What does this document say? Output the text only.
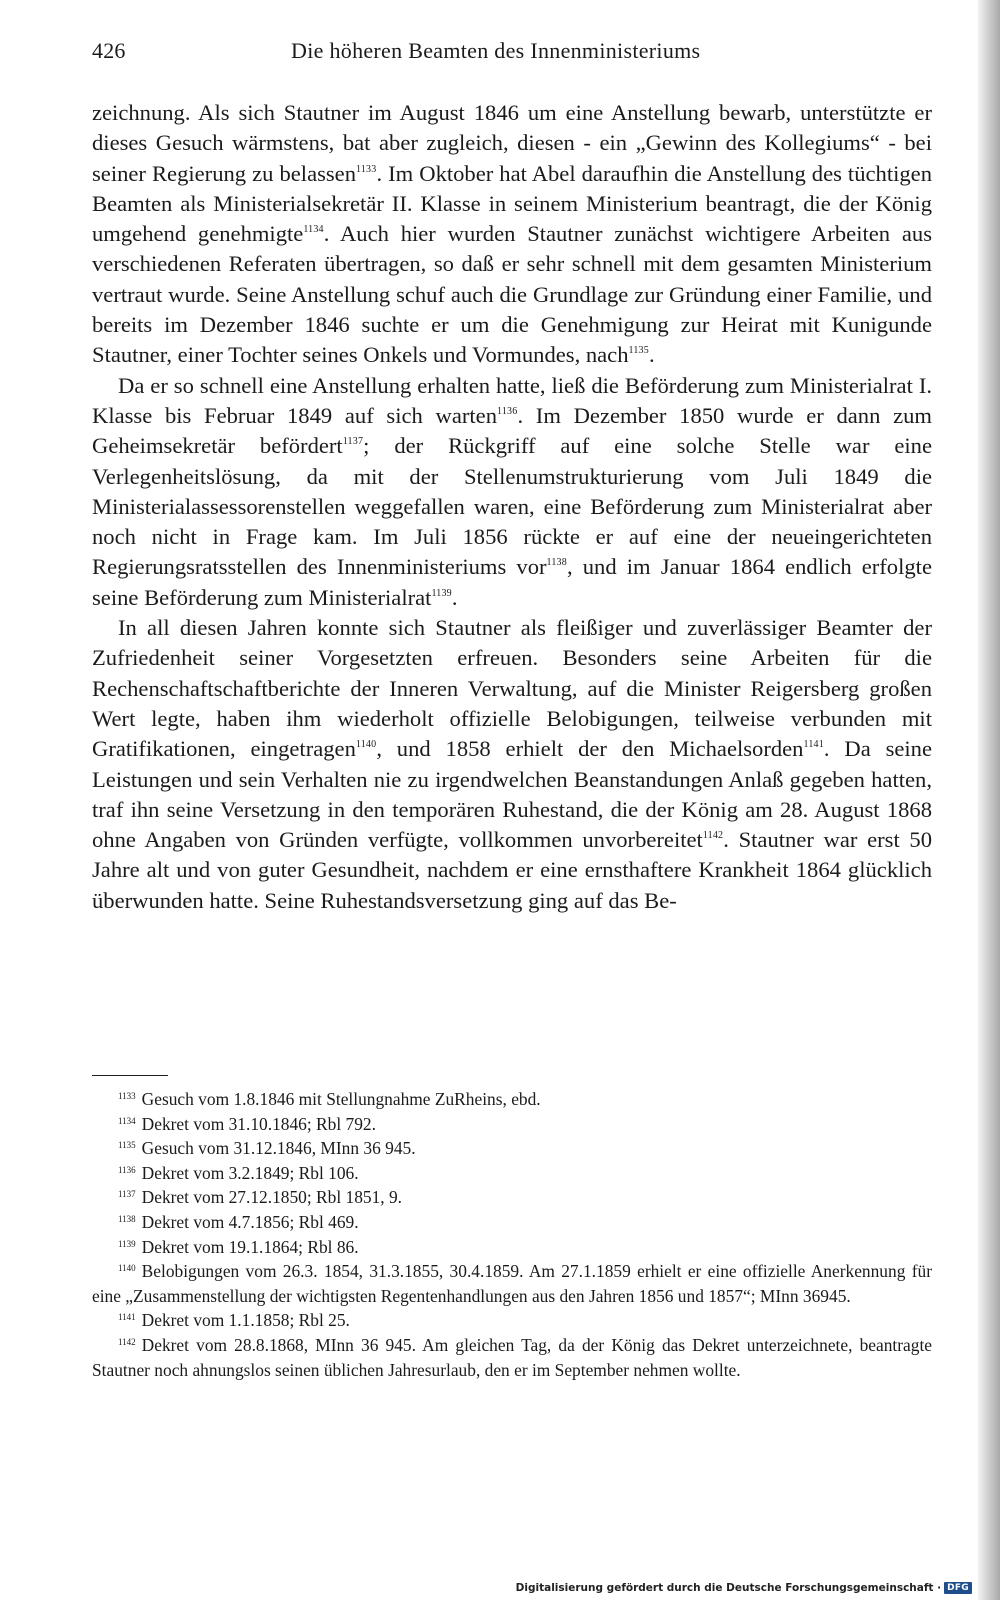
426	Die höheren Beamten des Innenministeriums

zeichnung. Als sich Stautner im August 1846 um eine Anstellung bewarb, unterstützte er dieses Gesuch wärmstens, bat aber zugleich, diesen - ein „Gewinn des Kollegiums“ - bei seiner Regierung zu belassen$^{1133}$. Im Oktober hat Abel daraufhin die Anstellung des tüchtigen Beamten als Ministerialsekretär II. Klasse in seinem Ministerium beantragt, die der König umgehend genehmigte$^{1134}$. Auch hier wurden Stautner zunächst wichtigere Arbeiten aus verschiedenen Referaten übertragen, so daß er sehr schnell mit dem gesamten Ministerium vertraut wurde. Seine Anstellung schuf auch die Grundlage zur Gründung einer Familie, und bereits im Dezember 1846 suchte er um die Genehmigung zur Heirat mit Kunigunde Stautner, einer Tochter seines Onkels und Vormundes, nach$^{1135}$.

Da er so schnell eine Anstellung erhalten hatte, ließ die Beförderung zum Ministerialrat I. Klasse bis Februar 1849 auf sich warten$^{1136}$. Im Dezember 1850 wurde er dann zum Geheimsekretär befördert$^{1137}$; der Rückgriff auf eine solche Stelle war eine Verlegenheitslösung, da mit der Stellenumstrukturierung vom Juli 1849 die Ministerialassessorenstellen weggefallen waren, eine Beförderung zum Ministerialrat aber noch nicht in Frage kam. Im Juli 1856 rückte er auf eine der neueingerichteten Regierungsratsstellen des Innenministeriums vor$^{1138}$, und im Januar 1864 endlich erfolgte seine Beförderung zum Ministerialrat$^{1139}$.

In all diesen Jahren konnte sich Stautner als fleißiger und zuverlässiger Beamter der Zufriedenheit seiner Vorgesetzten erfreuen. Besonders seine Arbeiten für die Rechenschaftschaftberichte der Inneren Verwaltung, auf die Minister Reigersberg großen Wert legte, haben ihm wiederholt offizielle Belobigungen, teilweise verbunden mit Gratifikationen, eingetragen$^{1140}$, und 1858 erhielt der den Michaelsorden$^{1141}$. Da seine Leistungen und sein Verhalten nie zu irgendwelchen Beanstandungen Anlaß gegeben hatten, traf ihn seine Versetzung in den temporären Ruhestand, die der König am 28. August 1868 ohne Angaben von Gründen verfügte, vollkommen unvorbereitet$^{1142}$. Stautner war erst 50 Jahre alt und von guter Gesundheit, nachdem er eine ernsthaftere Krankheit 1864 glücklich überwunden hatte. Seine Ruhestandsversetzung ging auf das Be-

$^{1133}$ Gesuch vom 1.8.1846 mit Stellungnahme ZuRheins, ebd.

$^{1134}$ Dekret vom 31.10.1846; Rbl 792.

$^{1135}$ Gesuch vom 31.12.1846, MInn 36 945.

$^{1136}$ Dekret vom 3.2.1849; Rbl 106.

$^{1137}$ Dekret vom 27.12.1850; Rbl 1851, 9.

$^{1138}$ Dekret vom 4.7.1856; Rbl 469.

$^{1139}$ Dekret vom 19.1.1864; Rbl 86.

$^{1140}$ Belobigungen vom 26.3. 1854, 31.3.1855, 30.4.1859. Am 27.1.1859 erhielt er eine offizielle Anerkennung für eine „Zusammenstellung der wichtigsten Regentenhandlungen aus den Jahren 1856 und 1857“; MInn 36945.

$^{1141}$ Dekret vom 1.1.1858; Rbl 25.

$^{1142}$ Dekret vom 28.8.1868, MInn 36 945. Am gleichen Tag, da der König das Dekret unterzeichnete, beantragte Stautner noch ahnungslos seinen üblichen Jahresurlaub, den er im September nehmen wollte.

Digitalisierung gefördert durch die Deutsche Forschungsgemeinschaft · DFG
